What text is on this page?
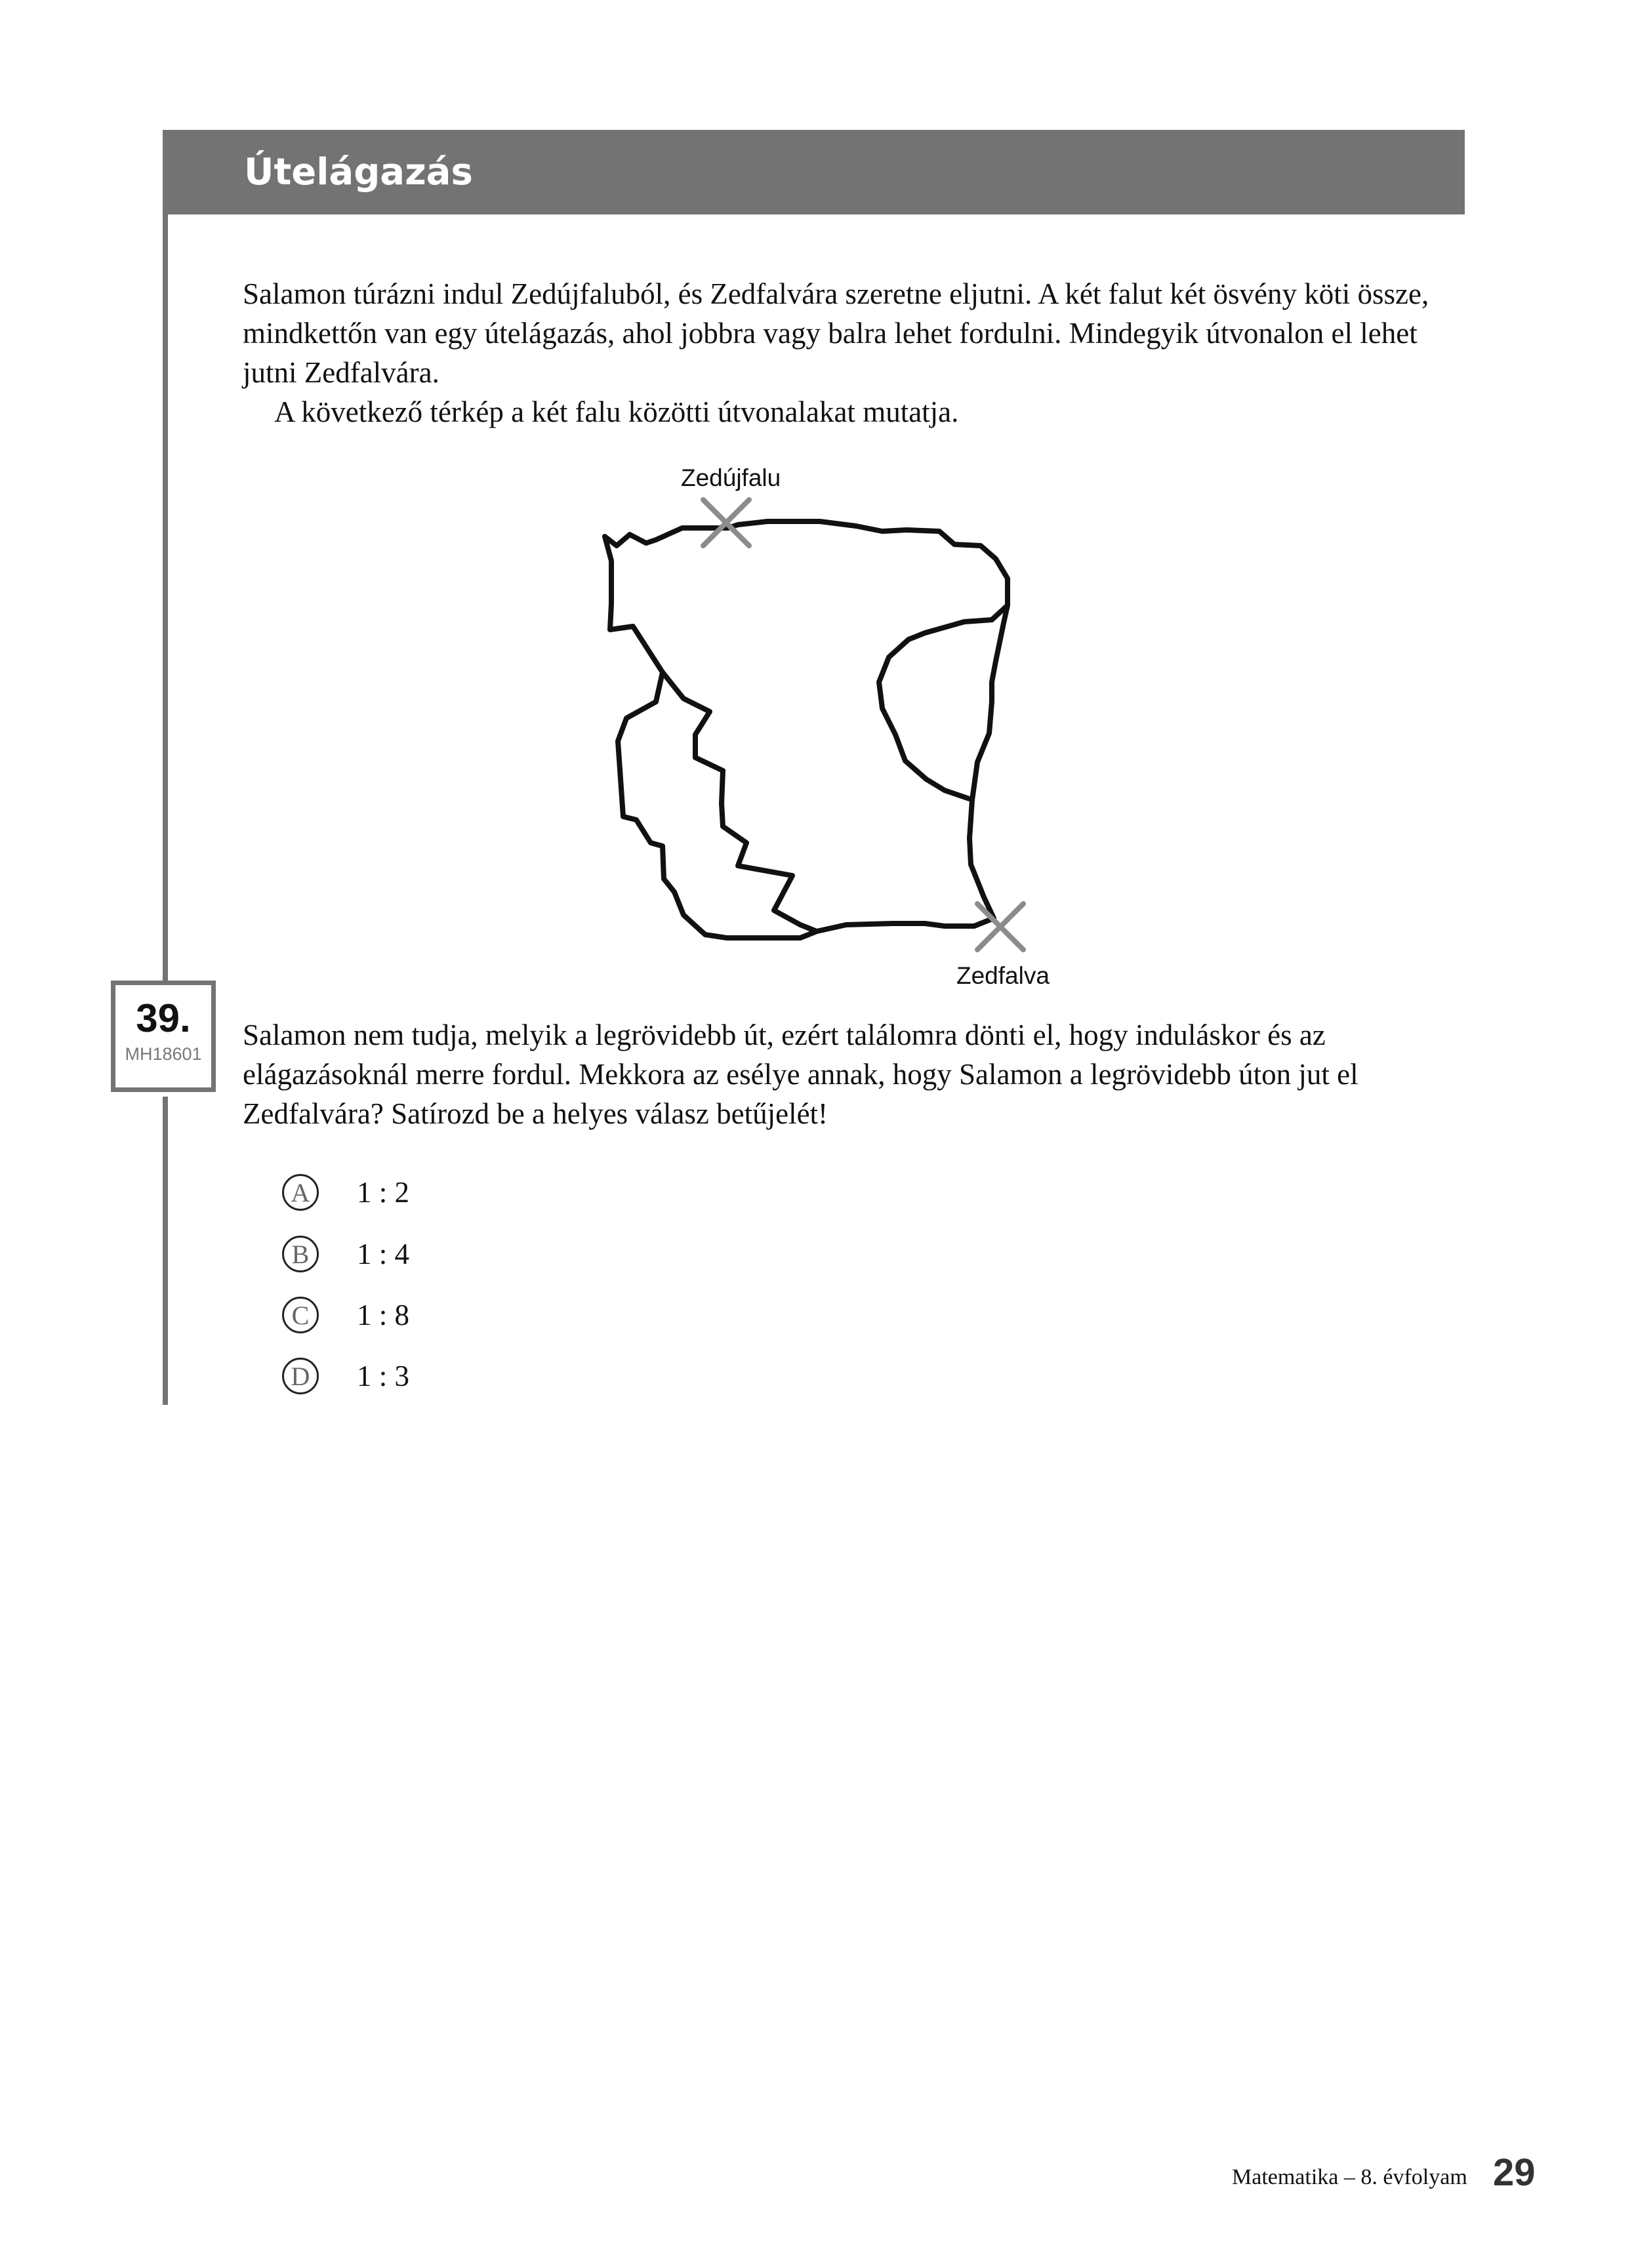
Útelágazás
39.
MH18601

Salamon túrázni indul Zedújfaluból, és Zedfalvára szeretne eljutni. A két falut két ösvény köti össze, mindkettőn van egy útelágazás, ahol jobbra vagy balra lehet fordulni. Mindegyik útvonalon el lehet jutni Zedfalvára.

A következő térkép a két falu közötti útvonalakat mutatja.

Zedújfalu
Zedfalva

Salamon nem tudja, melyik a legrövidebb út, ezért találomra dönti el, hogy induláskor és az elágazásoknál merre fordul. Mekkora az esélye annak, hogy Salamon a legrövidebb úton jut el Zedfalvára? Satírozd be a helyes válasz betűjelét!

A	1 : 2
B	1 : 4
C	1 : 8
D	1 : 3
Matematika – 8. évfolyam 29
